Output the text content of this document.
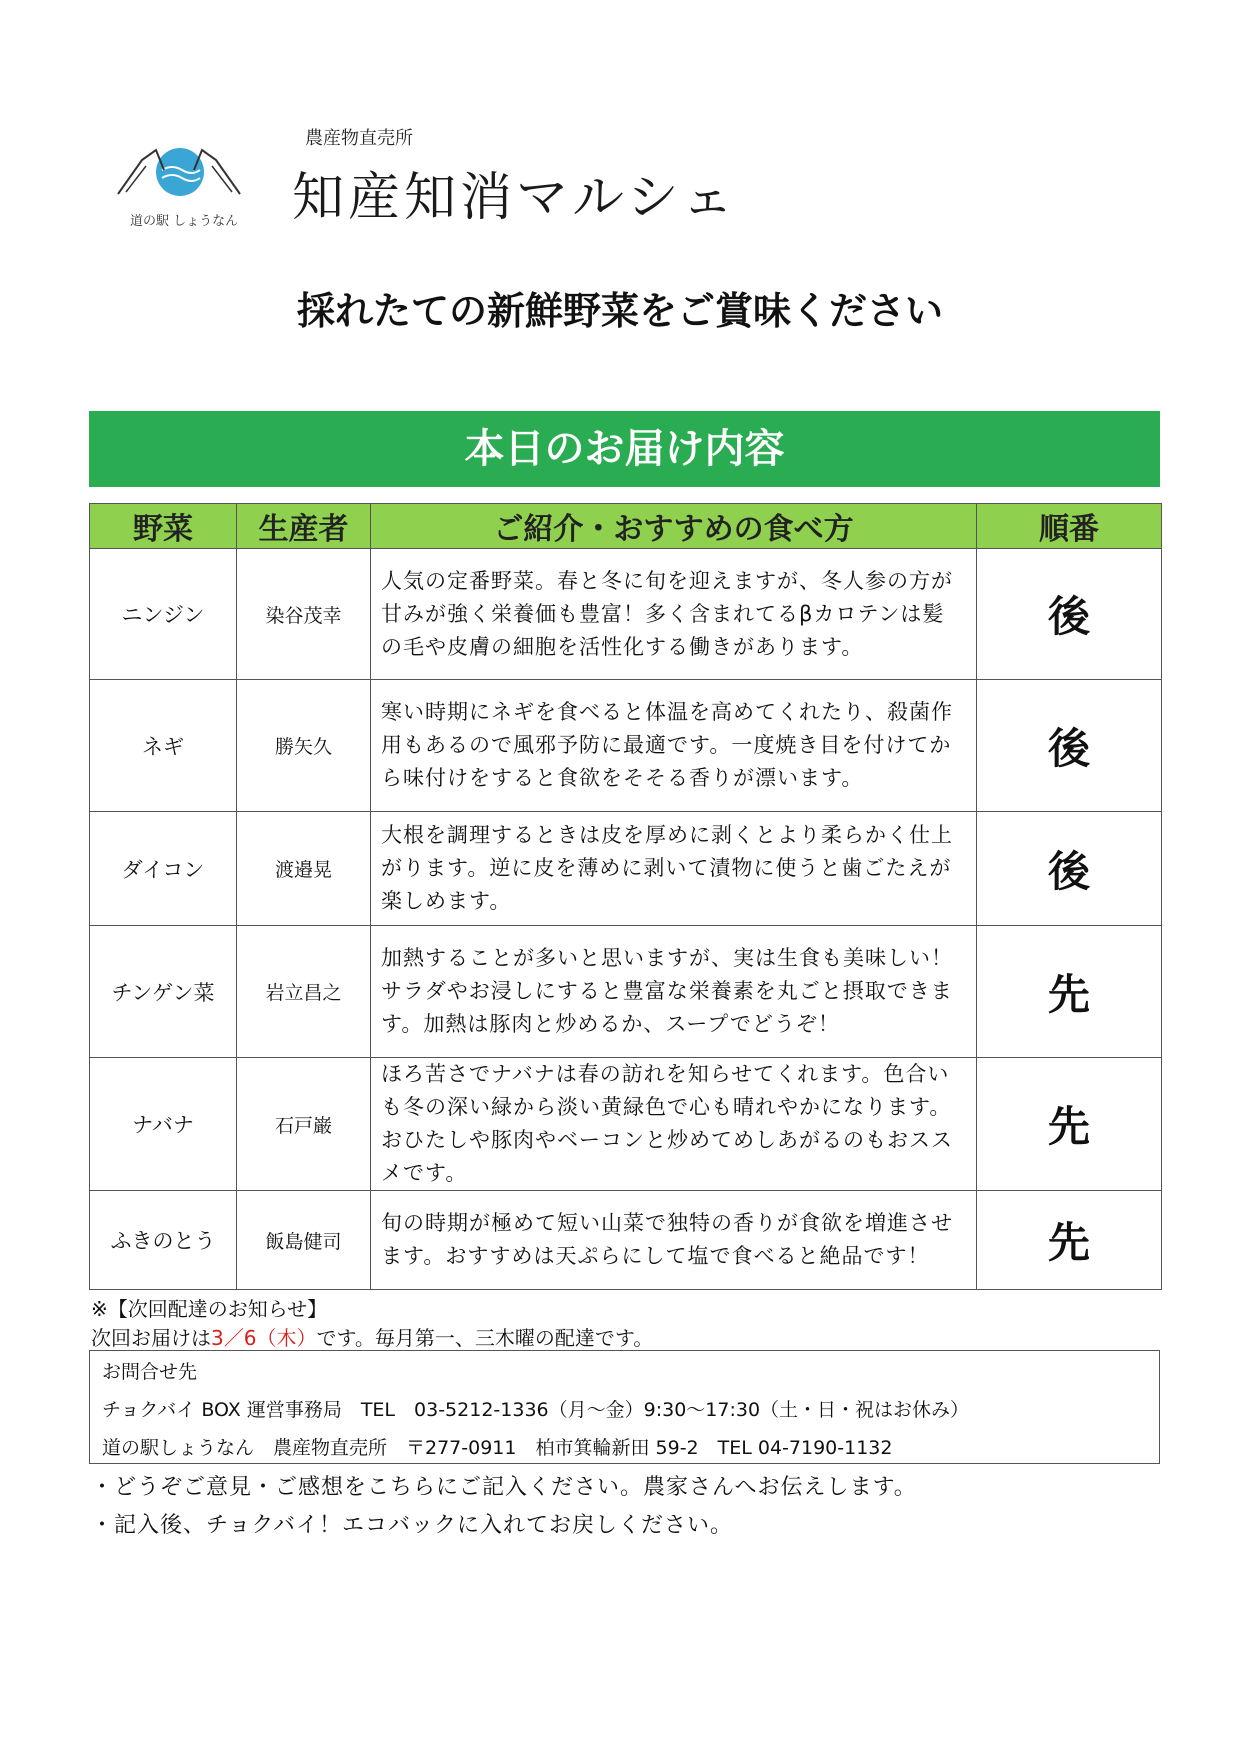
道の駅 しょうなん
農産物直売所
知産知消マルシェ
採れたての新鮮野菜をご賞味ください
本日のお届け内容
野菜	生産者	ご紹介・おすすめの食べ方	順番
ニンジン	染谷茂幸	人気の定番野菜。春と冬に旬を迎えますが、冬人参の方が甘みが強く栄養価も豊富！多く含まれてるβカロテンは髪の毛や皮膚の細胞を活性化する働きがあります。	後
ネギ	勝矢久	寒い時期にネギを食べると体温を高めてくれたり、殺菌作用もあるので風邪予防に最適です。一度焼き目を付けてから味付けをすると食欲をそそる香りが漂います。	後
ダイコン	渡邉晃	大根を調理するときは皮を厚めに剥くとより柔らかく仕上がります。逆に皮を薄めに剥いて漬物に使うと歯ごたえが楽しめます。	後
チンゲン菜	岩立昌之	加熱することが多いと思いますが、実は生食も美味しい！サラダやお浸しにすると豊富な栄養素を丸ごと摂取できます。加熱は豚肉と炒めるか、スープでどうぞ！	先
ナバナ	石戸巌	ほろ苦さでナバナは春の訪れを知らせてくれます。色合いも冬の深い緑から淡い黄緑色で心も晴れやかになります。おひたしや豚肉やベーコンと炒めてめしあがるのもおススメです。	先
ふきのとう	飯島健司	旬の時期が極めて短い山菜で独特の香りが食欲を増進させます。おすすめは天ぷらにして塩で食べると絶品です！	先
※【次回配達のお知らせ】
次回お届けは3／6（木）です。毎月第一、三木曜の配達です。
お問合せ先
チョクバイ BOX 運営事務局　TEL　03-5212-1336（月～金）9:30～17:30（土・日・祝はお休み）
道の駅しょうなん　農産物直売所　〒277-0911　柏市箕輪新田 59-2　TEL 04-7190-1132
・どうぞご意見・ご感想をこちらにご記入ください。農家さんへお伝えします。
・記入後、チョクバイ！エコバックに入れてお戻しください。
